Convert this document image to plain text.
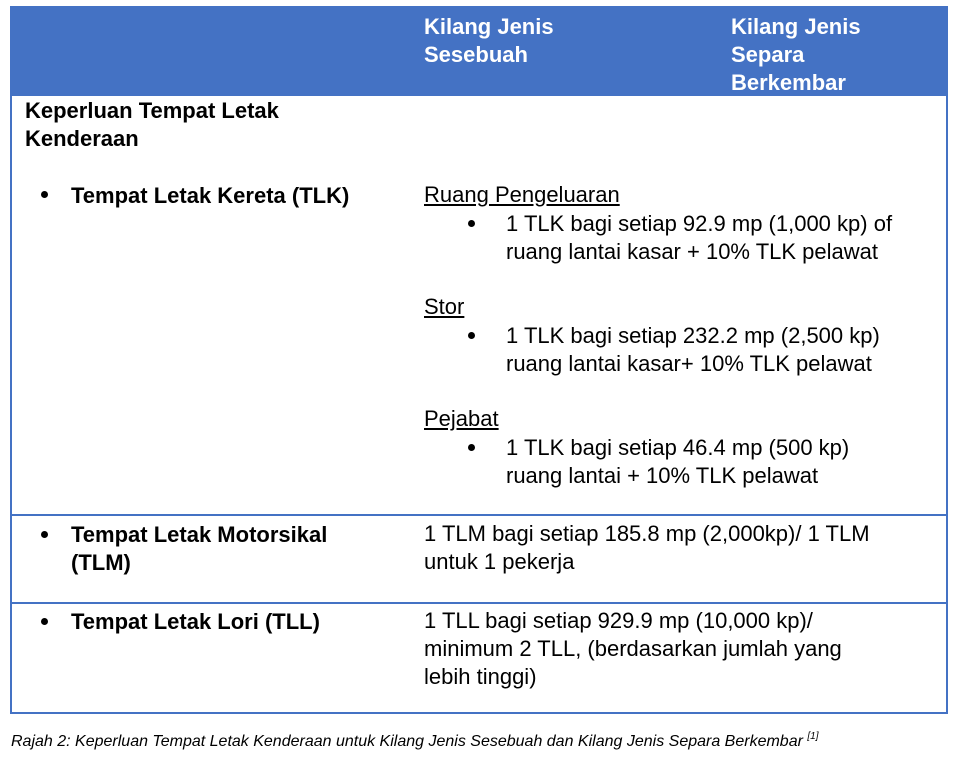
Kilang Jenis
Sesebuah
Kilang Jenis
Separa
Berkembar
Keperluan Tempat Letak
Kenderaan
Tempat Letak Kereta (TLK)	Ruang Pengeluaran
1 TLK bagi setiap 92.9 mp (1,000 kp) of
ruang lantai kasar + 10% TLK pelawat
Stor
1 TLK bagi setiap 232.2 mp (2,500 kp)
ruang lantai kasar+ 10% TLK pelawat
Pejabat
1 TLK bagi setiap 46.4 mp (500 kp)
ruang lantai + 10% TLK pelawat
Tempat Letak Motorsikal
(TLM)
1 TLM bagi setiap 185.8 mp (2,000kp)/ 1 TLM
untuk 1 pekerja
Tempat Letak Lori (TLL)	1 TLL bagi setiap 929.9 mp (10,000 kp)/
minimum 2 TLL, (berdasarkan jumlah yang
lebih tinggi)
Rajah 2: Keperluan Tempat Letak Kenderaan untuk Kilang Jenis Sesebuah dan Kilang Jenis Separa Berkembar [1]
